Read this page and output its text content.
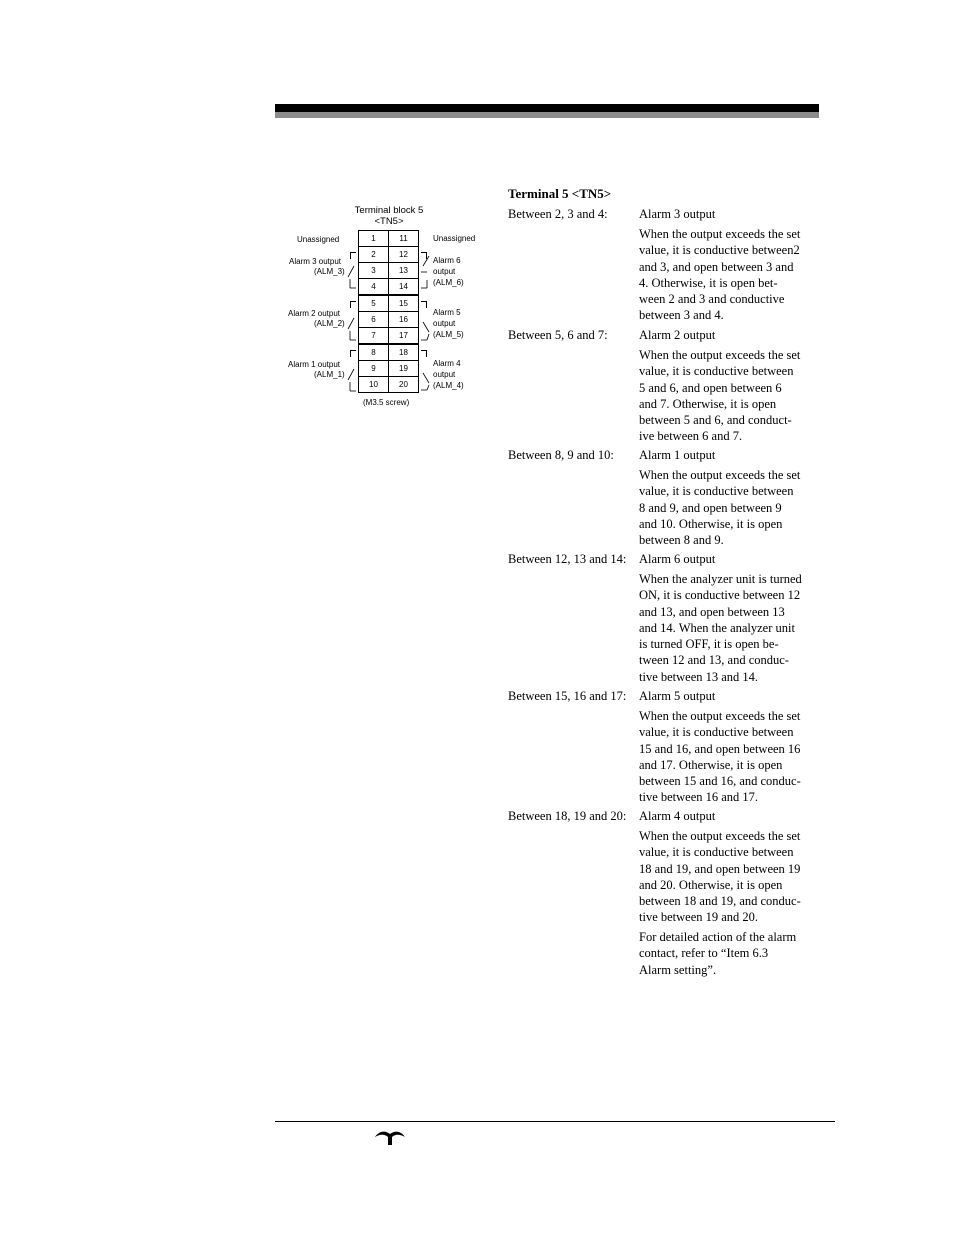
Terminal block 5
<TN5>
Unassigned	Unassigned
1	11
2	12
3	13
4	14
5	15
6	16
7	17
8	18
9	19
10	20
Alarm 3 output
(ALM_3)
Alarm 2 output
(ALM_2)
Alarm 1 output
(ALM_1)
Alarm 6
output
(ALM_6)
Alarm 5
output
(ALM_5)
Alarm 4
output
(ALM_4)
(M3.5 screw)
Terminal 5 <TN5>
Between 2, 3 and 4:	Alarm 3 output
When the output exceeds the set
value, it is conductive between2
and 3, and open between 3 and
4. Otherwise, it is open bet-
ween 2 and 3 and conductive
between 3 and 4.
Between 5, 6 and 7:	Alarm 2 output
When the output exceeds the set
value, it is conductive between
5 and 6, and open between 6
and 7. Otherwise, it is open
between 5 and 6, and conduct-
ive between 6 and 7.
Between 8, 9 and 10: Alarm 1 output
When the output exceeds the set
value, it is conductive between
8 and 9, and open between 9
and 10. Otherwise, it is open
between 8 and 9.
Between 12, 13 and 14: Alarm 6 output
When the analyzer unit is turned
ON, it is conductive between 12
and 13, and open between 13
and 14. When the analyzer unit
is turned OFF, it is open be-
tween 12 and 13, and conduc-
tive between 13 and 14.
Between 15, 16 and 17: Alarm 5 output
When the output exceeds the set
value, it is conductive between
15 and 16, and open between 16
and 17. Otherwise, it is open
between 15 and 16, and conduc-
tive between 16 and 17.
Between 18, 19 and 20: Alarm 4 output
When the output exceeds the set
value, it is conductive between
18 and 19, and open between 19
and 20. Otherwise, it is open
between 18 and 19, and conduc-
tive between 19 and 20.
For detailed action of the alarm
contact, refer to “Item 6.3
Alarm setting”.
